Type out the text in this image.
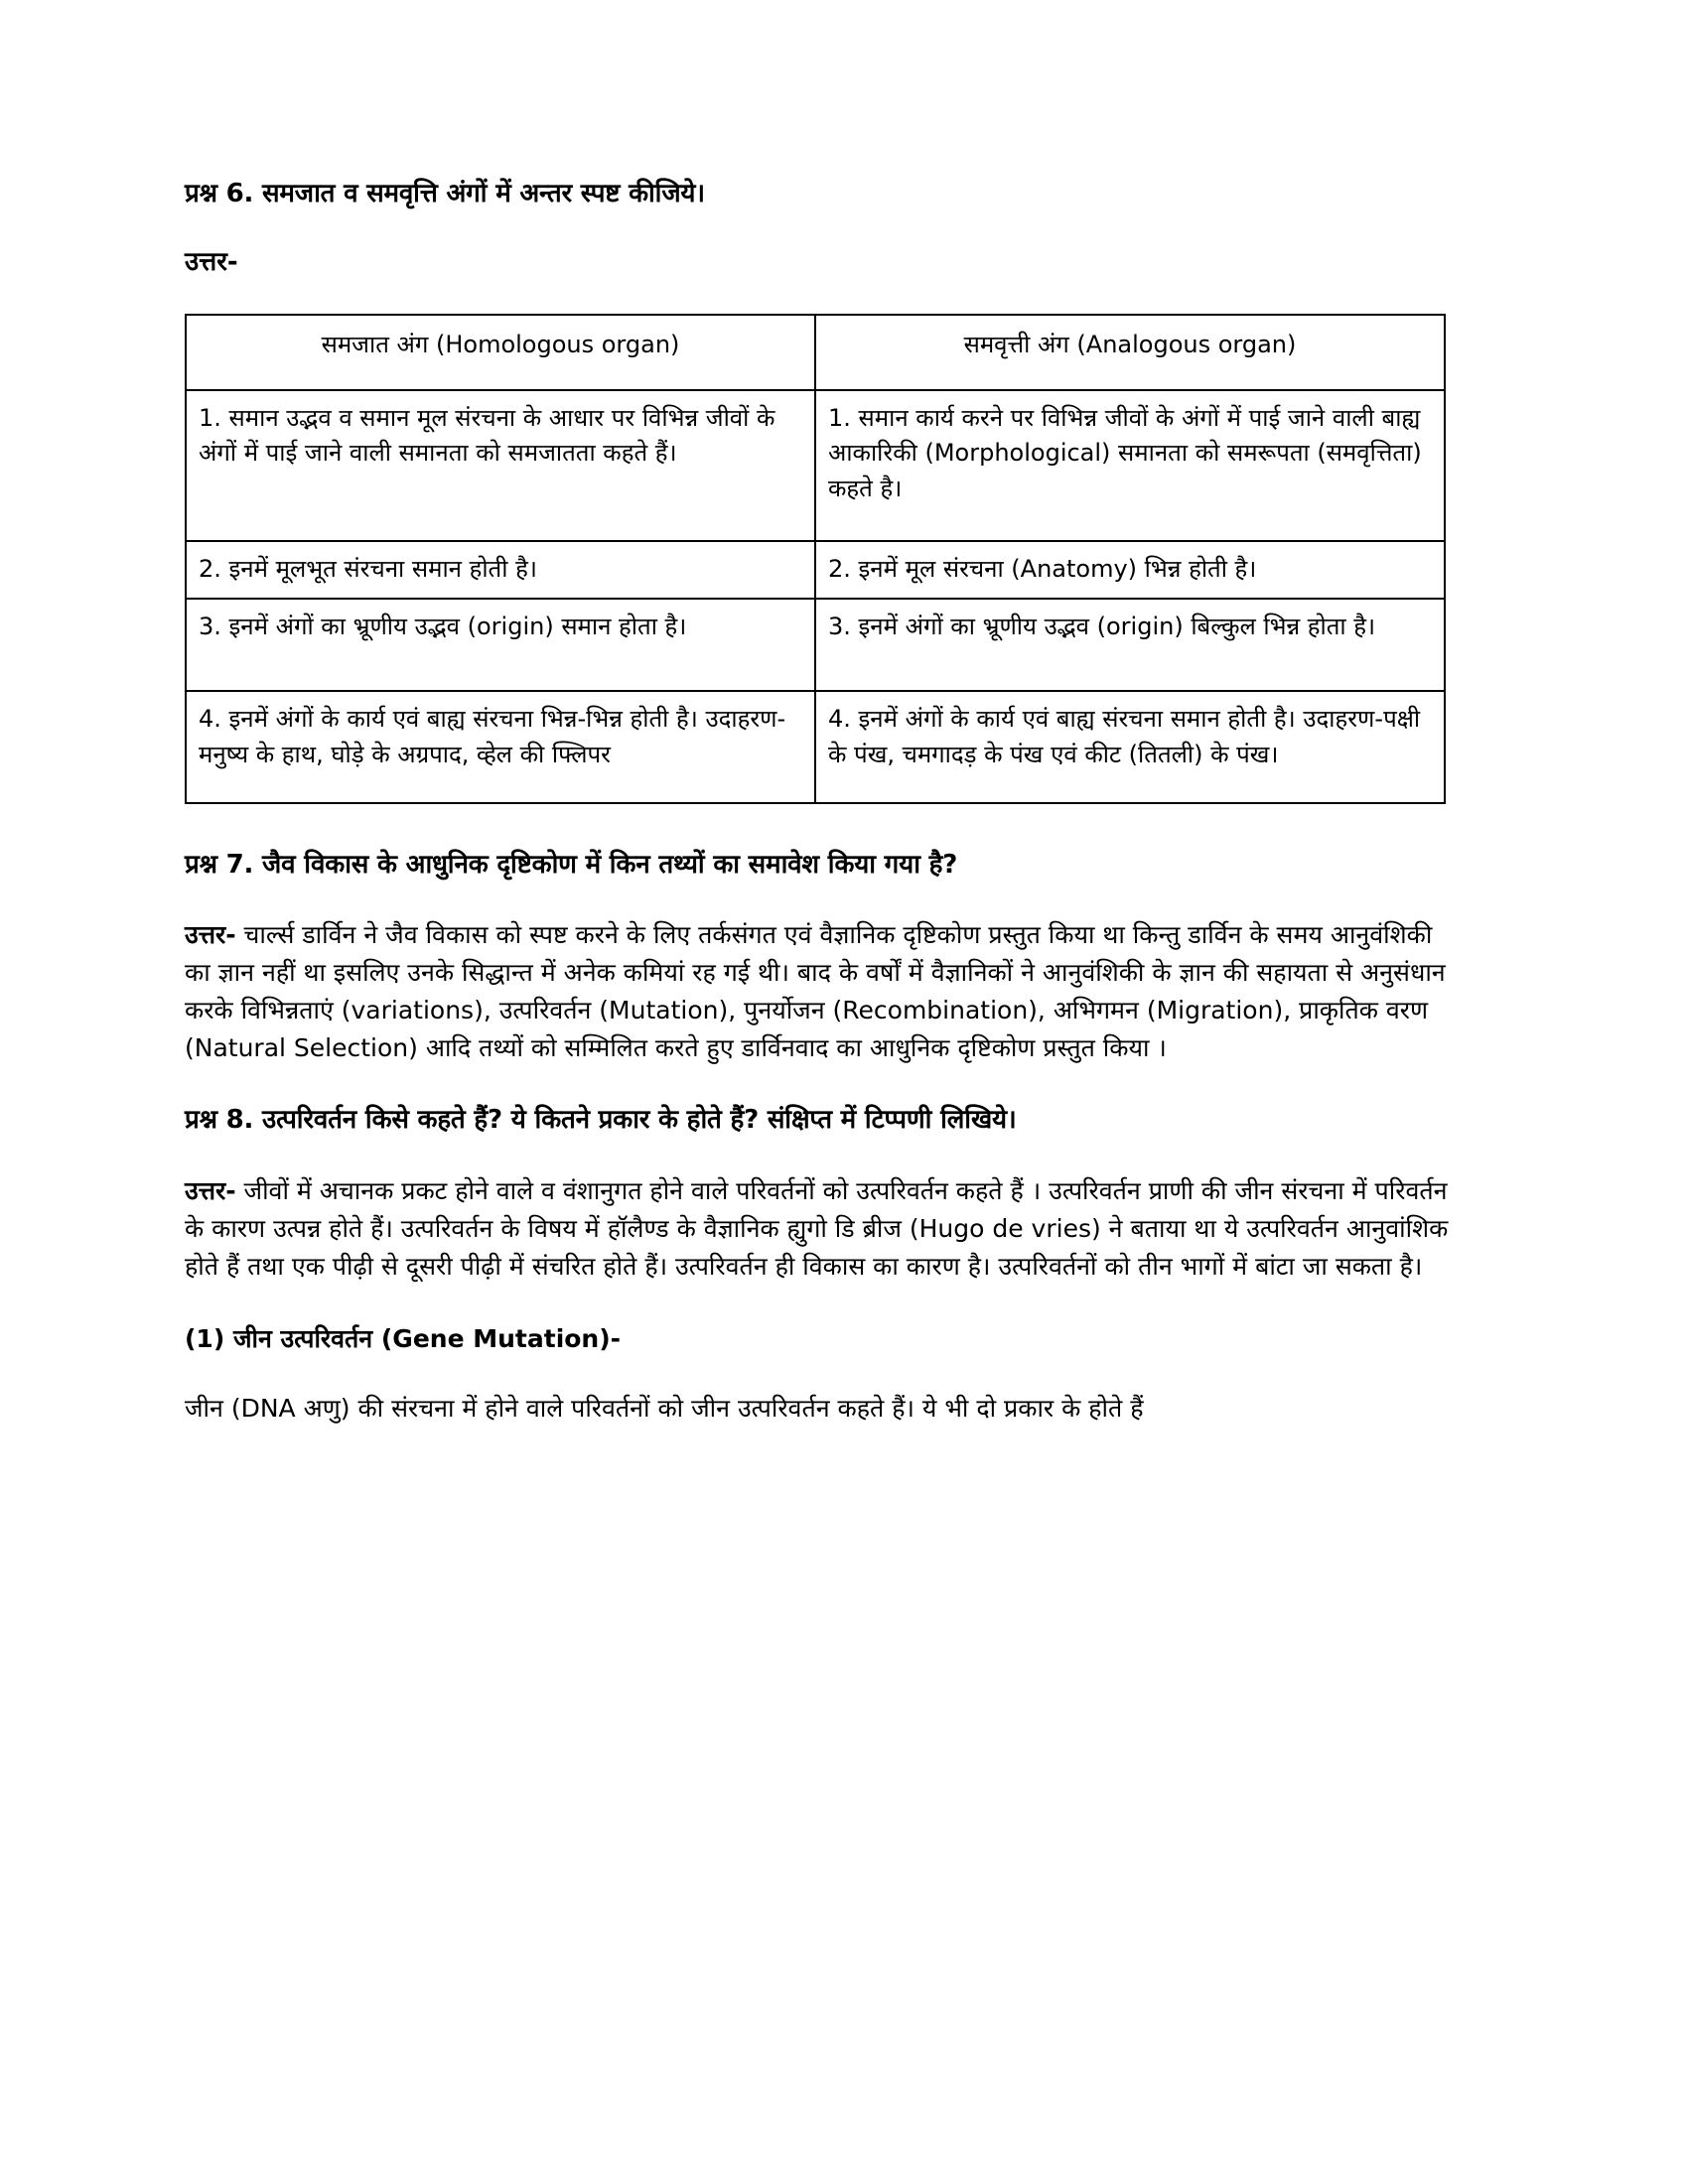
प्रश्न 6. समजात व समवृत्ति अंगों में अन्तर स्पष्ट कीजिये।
उत्तर-
समजात अंग (Homologous organ)	समवृत्ती अंग (Analogous organ)
1. समान उद्भव व समान मूल संरचना के आधार पर विभिन्न जीवों के अंगों में पाई जाने वाली समानता को समजातता कहते हैं।	1. समान कार्य करने पर विभिन्न जीवों के अंगों में पाई जाने वाली बाह्य आकारिकी (Morphological) समानता को समरूपता (समवृत्तिता) कहते है।
2. इनमें मूलभूत संरचना समान होती है।	2. इनमें मूल संरचना (Anatomy) भिन्न होती है।
3. इनमें अंगों का भ्रूणीय उद्भव (origin) समान होता है।	3. इनमें अंगों का भ्रूणीय उद्भव (origin) बिल्कुल भिन्न होता है।
4. इनमें अंगों के कार्य एवं बाह्य संरचना भिन्न-भिन्न होती है। उदाहरण-मनुष्य के हाथ, घोड़े के अग्रपाद, व्हेल की फ्लिपर	4. इनमें अंगों के कार्य एवं बाह्य संरचना समान होती है। उदाहरण-पक्षी के पंख, चमगादड़ के पंख एवं कीट (तितली) के पंख।
प्रश्न 7. जैव विकास के आधुनिक दृष्टिकोण में किन तथ्यों का समावेश किया गया है?

उत्तर- चार्ल्स डार्विन ने जैव विकास को स्पष्ट करने के लिए तर्कसंगत एवं वैज्ञानिक दृष्टिकोण प्रस्तुत किया था किन्तु डार्विन के समय आनुवंशिकी का ज्ञान नहीं था इसलिए उनके सिद्धान्त में अनेक कमियां रह गई थी। बाद के वर्षों में वैज्ञानिकों ने आनुवंशिकी के ज्ञान की सहायता से अनुसंधान करके विभिन्नताएं (variations), उत्परिवर्तन (Mutation), पुनर्योजन (Recombination), अभिगमन (Migration), प्राकृतिक वरण (Natural Selection) आदि तथ्यों को सम्मिलित करते हुए डार्विनवाद का आधुनिक दृष्टिकोण प्रस्तुत किया ।

प्रश्न 8. उत्परिवर्तन किसे कहते हैं? ये कितने प्रकार के होते हैं? संक्षिप्त में टिप्पणी लिखिये।

उत्तर- जीवों में अचानक प्रकट होने वाले व वंशानुगत होने वाले परिवर्तनों को उत्परिवर्तन कहते हैं । उत्परिवर्तन प्राणी की जीन संरचना में परिवर्तन के कारण उत्पन्न होते हैं। उत्परिवर्तन के विषय में हॉलैण्ड के वैज्ञानिक ह्युगो डि ब्रीज (Hugo de vries) ने बताया था ये उत्परिवर्तन आनुवांशिक होते हैं तथा एक पीढ़ी से दूसरी पीढ़ी में संचरित होते हैं। उत्परिवर्तन ही विकास का कारण है। उत्परिवर्तनों को तीन भागों में बांटा जा सकता है।

(1) जीन उत्परिवर्तन (Gene Mutation)-

जीन (DNA अणु) की संरचना में होने वाले परिवर्तनों को जीन उत्परिवर्तन कहते हैं। ये भी दो प्रकार के होते हैं
